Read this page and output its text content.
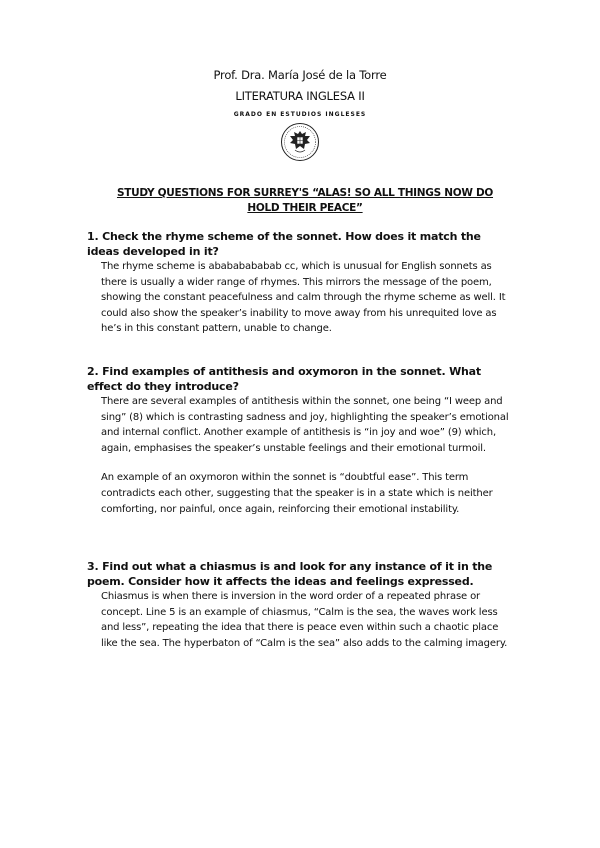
Prof. Dra. María José de la Torre
LITERATURA INGLESA II
GRADO EN ESTUDIOS INGLESES
STUDY QUESTIONS FOR SURREY'S “ALAS! SO ALL THINGS NOW DO HOLD THEIR PEACE”
1. Check the rhyme scheme of the sonnet. How does it match the ideas developed in it?

The rhyme scheme is abababababab cc, which is unusual for English sonnets as there is usually a wider range of rhymes. This mirrors the message of the poem, showing the constant peacefulness and calm through the rhyme scheme as well. It could also show the speaker’s inability to move away from his unrequited love as he’s in this constant pattern, unable to change.

2. Find examples of antithesis and oxymoron in the sonnet. What effect do they introduce?

There are several examples of antithesis within the sonnet, one being “I weep and sing” (8) which is contrasting sadness and joy, highlighting the speaker’s emotional and internal conflict. Another example of antithesis is “in joy and woe” (9) which, again, emphasises the speaker’s unstable feelings and their emotional turmoil.

An example of an oxymoron within the sonnet is “doubtful ease”. This term contradicts each other, suggesting that the speaker is in a state which is neither comforting, nor painful, once again, reinforcing their emotional instability.

3. Find out what a chiasmus is and look for any instance of it in the poem. Consider how it affects the ideas and feelings expressed.

Chiasmus is when there is inversion in the word order of a repeated phrase or concept. Line 5 is an example of chiasmus, “Calm is the sea, the waves work less and less”, repeating the idea that there is peace even within such a chaotic place like the sea. The hyperbaton of “Calm is the sea” also adds to the calming imagery.
